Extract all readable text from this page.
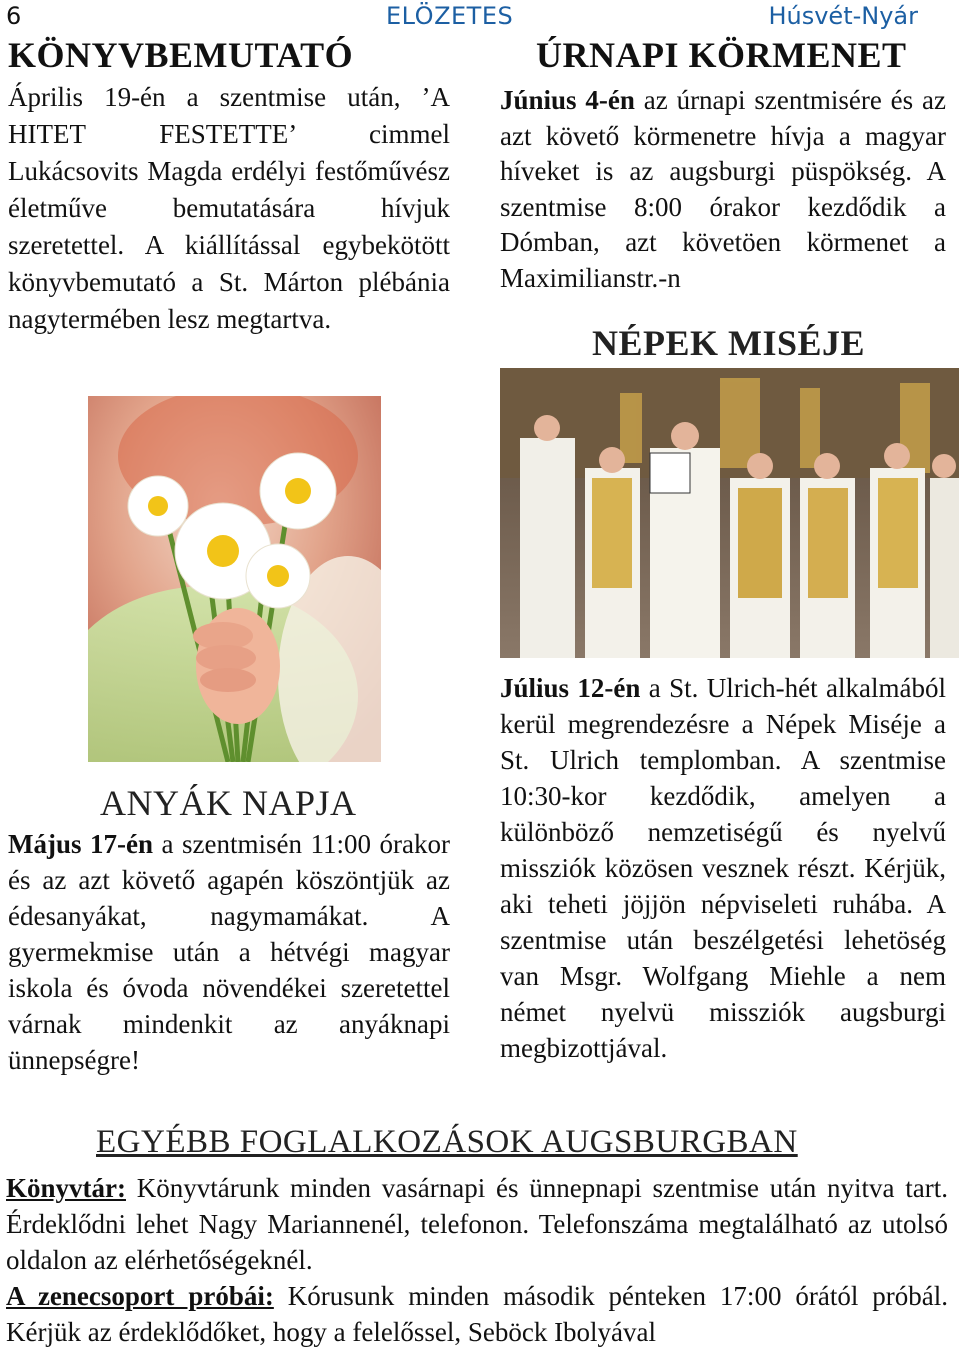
6	ELÖZETES	Húsvét-Nyár
KÖNYVBEMUTATÓ
Április 19-én a szentmise után, ’A HITET FESTETTE’ cimmel Lukácsovits Magda erdélyi festőművész életműve bemutatására hívjuk szeretettel. A kiállítással egybekötött könyvbemutató a St. Márton plébánia nagytermében lesz megtartva.
ÚRNAPI KÖRMENET
Június 4-én az úrnapi szentmisére és az azt követő körmenetre hívja a magyar híveket is az augsburgi püspökség. A szentmise 8:00 órakor kezdődik a Dómban, azt követöen körmenet a Maximilianstr.-n
NÉPEK MISÉJE
ANYÁK NAPJA
Május 17-én a szentmisén 11:00 órakor és az azt követő agapén köszöntjük az édesanyákat, nagymamákat. A gyermekmise után a hétvégi magyar iskola és óvoda növendékei szeretettel várnak mindenkit az anyáknapi ünnepségre!
Július 12-én a St. Ulrich-hét alkalmából kerül megrendezésre a Népek Miséje a St. Ulrich templomban. A szentmise 10:30-kor kezdődik, amelyen a különböző nemzetiségű és nyelvű missziók közösen vesznek részt. Kérjük, aki teheti jöjjön népviseleti ruhába. A szentmise után beszélgetési lehetöség van Msgr. Wolfgang Miehle a nem német nyelvü missziók augsburgi megbizottjával.
EGYÉBB FOGLALKOZÁSOK AUGSBURGBAN
Könyvtár: Könyvtárunk minden vasárnapi és ünnepnapi szentmise után nyitva tart. Érdeklődni lehet Nagy Mariannenél, telefonon. Telefonszáma megtalálható az utolsó oldalon az elérhetőségeknél.
A zenecsoport próbái: Kórusunk minden második pénteken 17:00 órától próbál. Kérjük az érdeklődőket, hogy a felelőssel, Seböck Ibolyával
